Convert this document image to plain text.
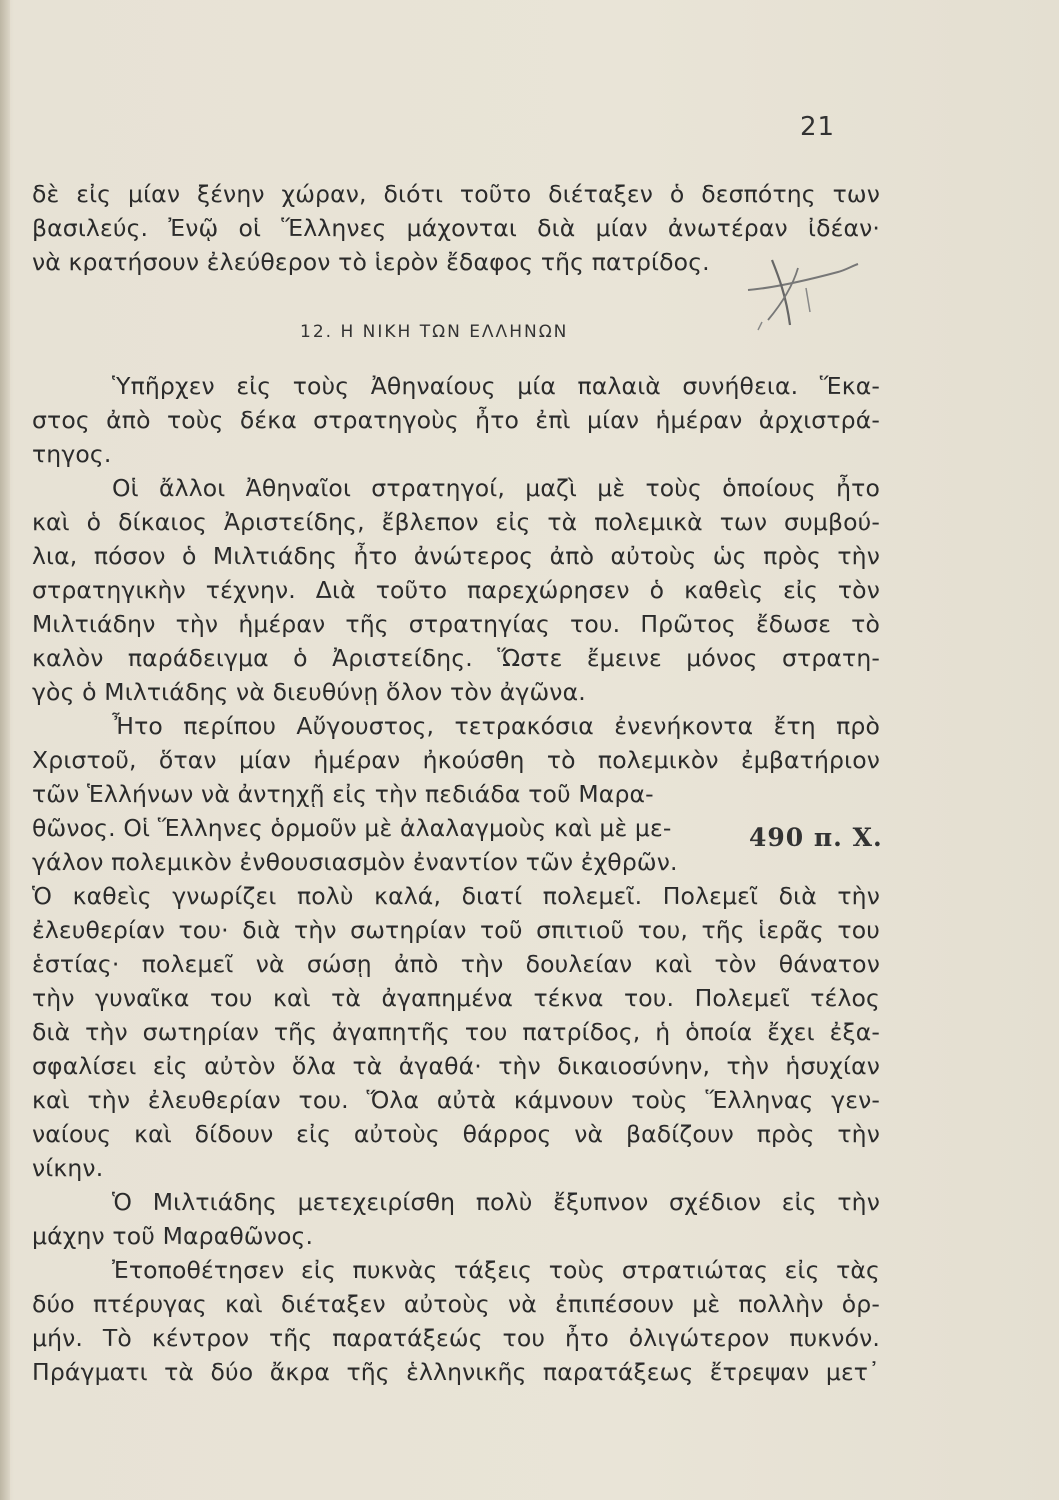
21
δὲ εἰς μίαν ξένην χώραν, διότι τοῦτο διέταξεν ὁ δεσπότης των
βασιλεύς. Ἐνῷ οἱ Ἕλληνες μάχονται διὰ μίαν ἀνωτέραν ἰδέαν·
νὰ κρατήσουν ἐλεύθερον τὸ ἱερὸν ἔδαφος τῆς πατρίδος.
12. Η ΝΙΚΗ ΤΩΝ ΕΛΛΗΝΩΝ
Ὑπῆρχεν εἰς τοὺς Ἀθηναίους μία παλαιὰ συνήθεια. Ἕκα-
στος ἀπὸ τοὺς δέκα στρατηγοὺς ἦτο ἐπὶ μίαν ἡμέραν ἀρχιστρά-
τηγος.
Οἱ ἄλλοι Ἀθηναῖοι στρατηγοί, μαζὶ μὲ τοὺς ὁποίους ἦτο
καὶ ὁ δίκαιος Ἀριστείδης, ἔβλεπον εἰς τὰ πολεμικὰ των συμβού-
λια, πόσον ὁ Μιλτιάδης ἦτο ἀνώτερος ἀπὸ αὐτοὺς ὡς πρὸς τὴν
στρατηγικὴν τέχνην. Διὰ τοῦτο παρεχώρησεν ὁ καθεὶς εἰς τὸν
Μιλτιάδην τὴν ἡμέραν τῆς στρατηγίας του. Πρῶτος ἔδωσε τὸ
καλὸν παράδειγμα ὁ Ἀριστείδης. Ὥστε ἔμεινε μόνος στρατη-
γὸς ὁ Μιλτιάδης νὰ διευθύνῃ ὅλον τὸν ἀγῶνα.
Ἦτο περίπου Αὔγουστος, τετρακόσια ἐνενήκοντα ἔτη πρὸ
Χριστοῦ, ὅταν μίαν ἡμέραν ἠκούσθη τὸ πολεμικὸν ἐμβατήριον
τῶν Ἑλλήνων νὰ ἀντηχῇ εἰς τὴν πεδιάδα τοῦ Μαρα-
θῶνος. Οἱ Ἕλληνες ὁρμοῦν μὲ ἀλαλαγμοὺς καὶ μὲ με-
γάλον πολεμικὸν ἐνθουσιασμὸν ἐναντίον τῶν ἐχθρῶν.
Ὁ καθεὶς γνωρίζει πολὺ καλά, διατί πολεμεῖ. Πολεμεῖ διὰ τὴν
ἐλευθερίαν του· διὰ τὴν σωτηρίαν τοῦ σπιτιοῦ του, τῆς ἱερᾶς του
ἑστίας· πολεμεῖ νὰ σώσῃ ἀπὸ τὴν δουλείαν καὶ τὸν θάνατον
τὴν γυναῖκα του καὶ τὰ ἀγαπημένα τέκνα του. Πολεμεῖ τέλος
διὰ τὴν σωτηρίαν τῆς ἀγαπητῆς του πατρίδος, ἡ ὁποία ἔχει ἐξα-
σφαλίσει εἰς αὐτὸν ὅλα τὰ ἀγαθά· τὴν δικαιοσύνην, τὴν ἡσυχίαν
καὶ τὴν ἐλευθερίαν του. Ὅλα αὐτὰ κάμνουν τοὺς Ἕλληνας γεν-
ναίους καὶ δίδουν εἰς αὐτοὺς θάρρος νὰ βαδίζουν πρὸς τὴν
νίκην.
Ὁ Μιλτιάδης μετεχειρίσθη πολὺ ἔξυπνον σχέδιον εἰς τὴν
μάχην τοῦ Μαραθῶνος.
Ἐτοποθέτησεν εἰς πυκνὰς τάξεις τοὺς στρατιώτας εἰς τὰς
δύο πτέρυγας καὶ διέταξεν αὐτοὺς νὰ ἐπιπέσουν μὲ πολλὴν ὁρ-
μήν. Τὸ κέντρον τῆς παρατάξεώς του ἦτο ὀλιγώτερον πυκνόν.
Πράγματι τὰ δύο ἄκρα τῆς ἑλληνικῆς παρατάξεως ἔτρεψαν μετ᾿
490 π. Χ.
